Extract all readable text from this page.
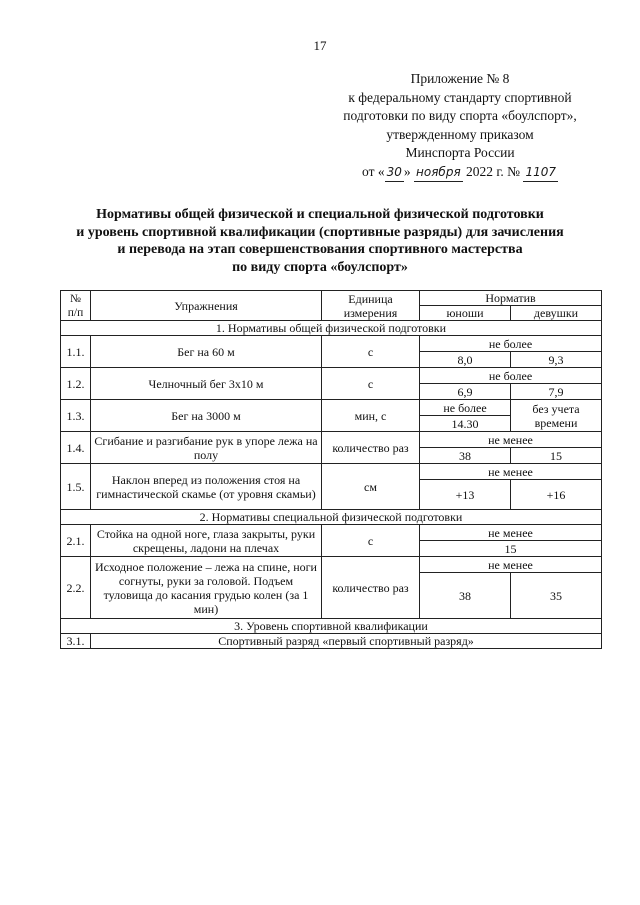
17
Приложение № 8
к федеральному стандарту спортивной
подготовки по виду спорта «боулспорт»,
утвержденному приказом
Минспорта России
от « 30 » ноября 2022 г. № 1107
Нормативы общей физической и специальной физической подготовки
и уровень спортивной квалификации (спортивные разряды) для зачисления
и перевода на этап совершенствования спортивного мастерства
по виду спорта «боулспорт»
№ п/п	Упражнения	Единица измерения	Норматив	
			юноши	девушки
1. Нормативы общей физической подготовки				
1.1.	Бег на 60 м	с	не более	
			8,0	9,3
1.2.	Челночный бег 3х10 м	с	не более	
			6,9	7,9
1.3.	Бег на 3000 м	мин, с	не более	без учета времени
			14.30	
1.4.	Сгибание и разгибание рук в упоре лежа на полу	количество раз	не менее	
			38	15
1.5.	Наклон вперед из положения стоя на гимнастической скамье (от уровня скамьи)	см	не менее	
			+13	+16
2. Нормативы специальной физической подготовки				
2.1.	Стойка на одной ноге, глаза закрыты, руки скрещены, ладони на плечах	с	не менее	
			15	
2.2.	Исходное положение – лежа на спине, ноги согнуты, руки за головой. Подъем туловища до касания грудью колен (за 1 мин)	количество раз	не менее	
			38	35
3. Уровень спортивной квалификации				
3.1.	Спортивный разряд «первый спортивный разряд»			
